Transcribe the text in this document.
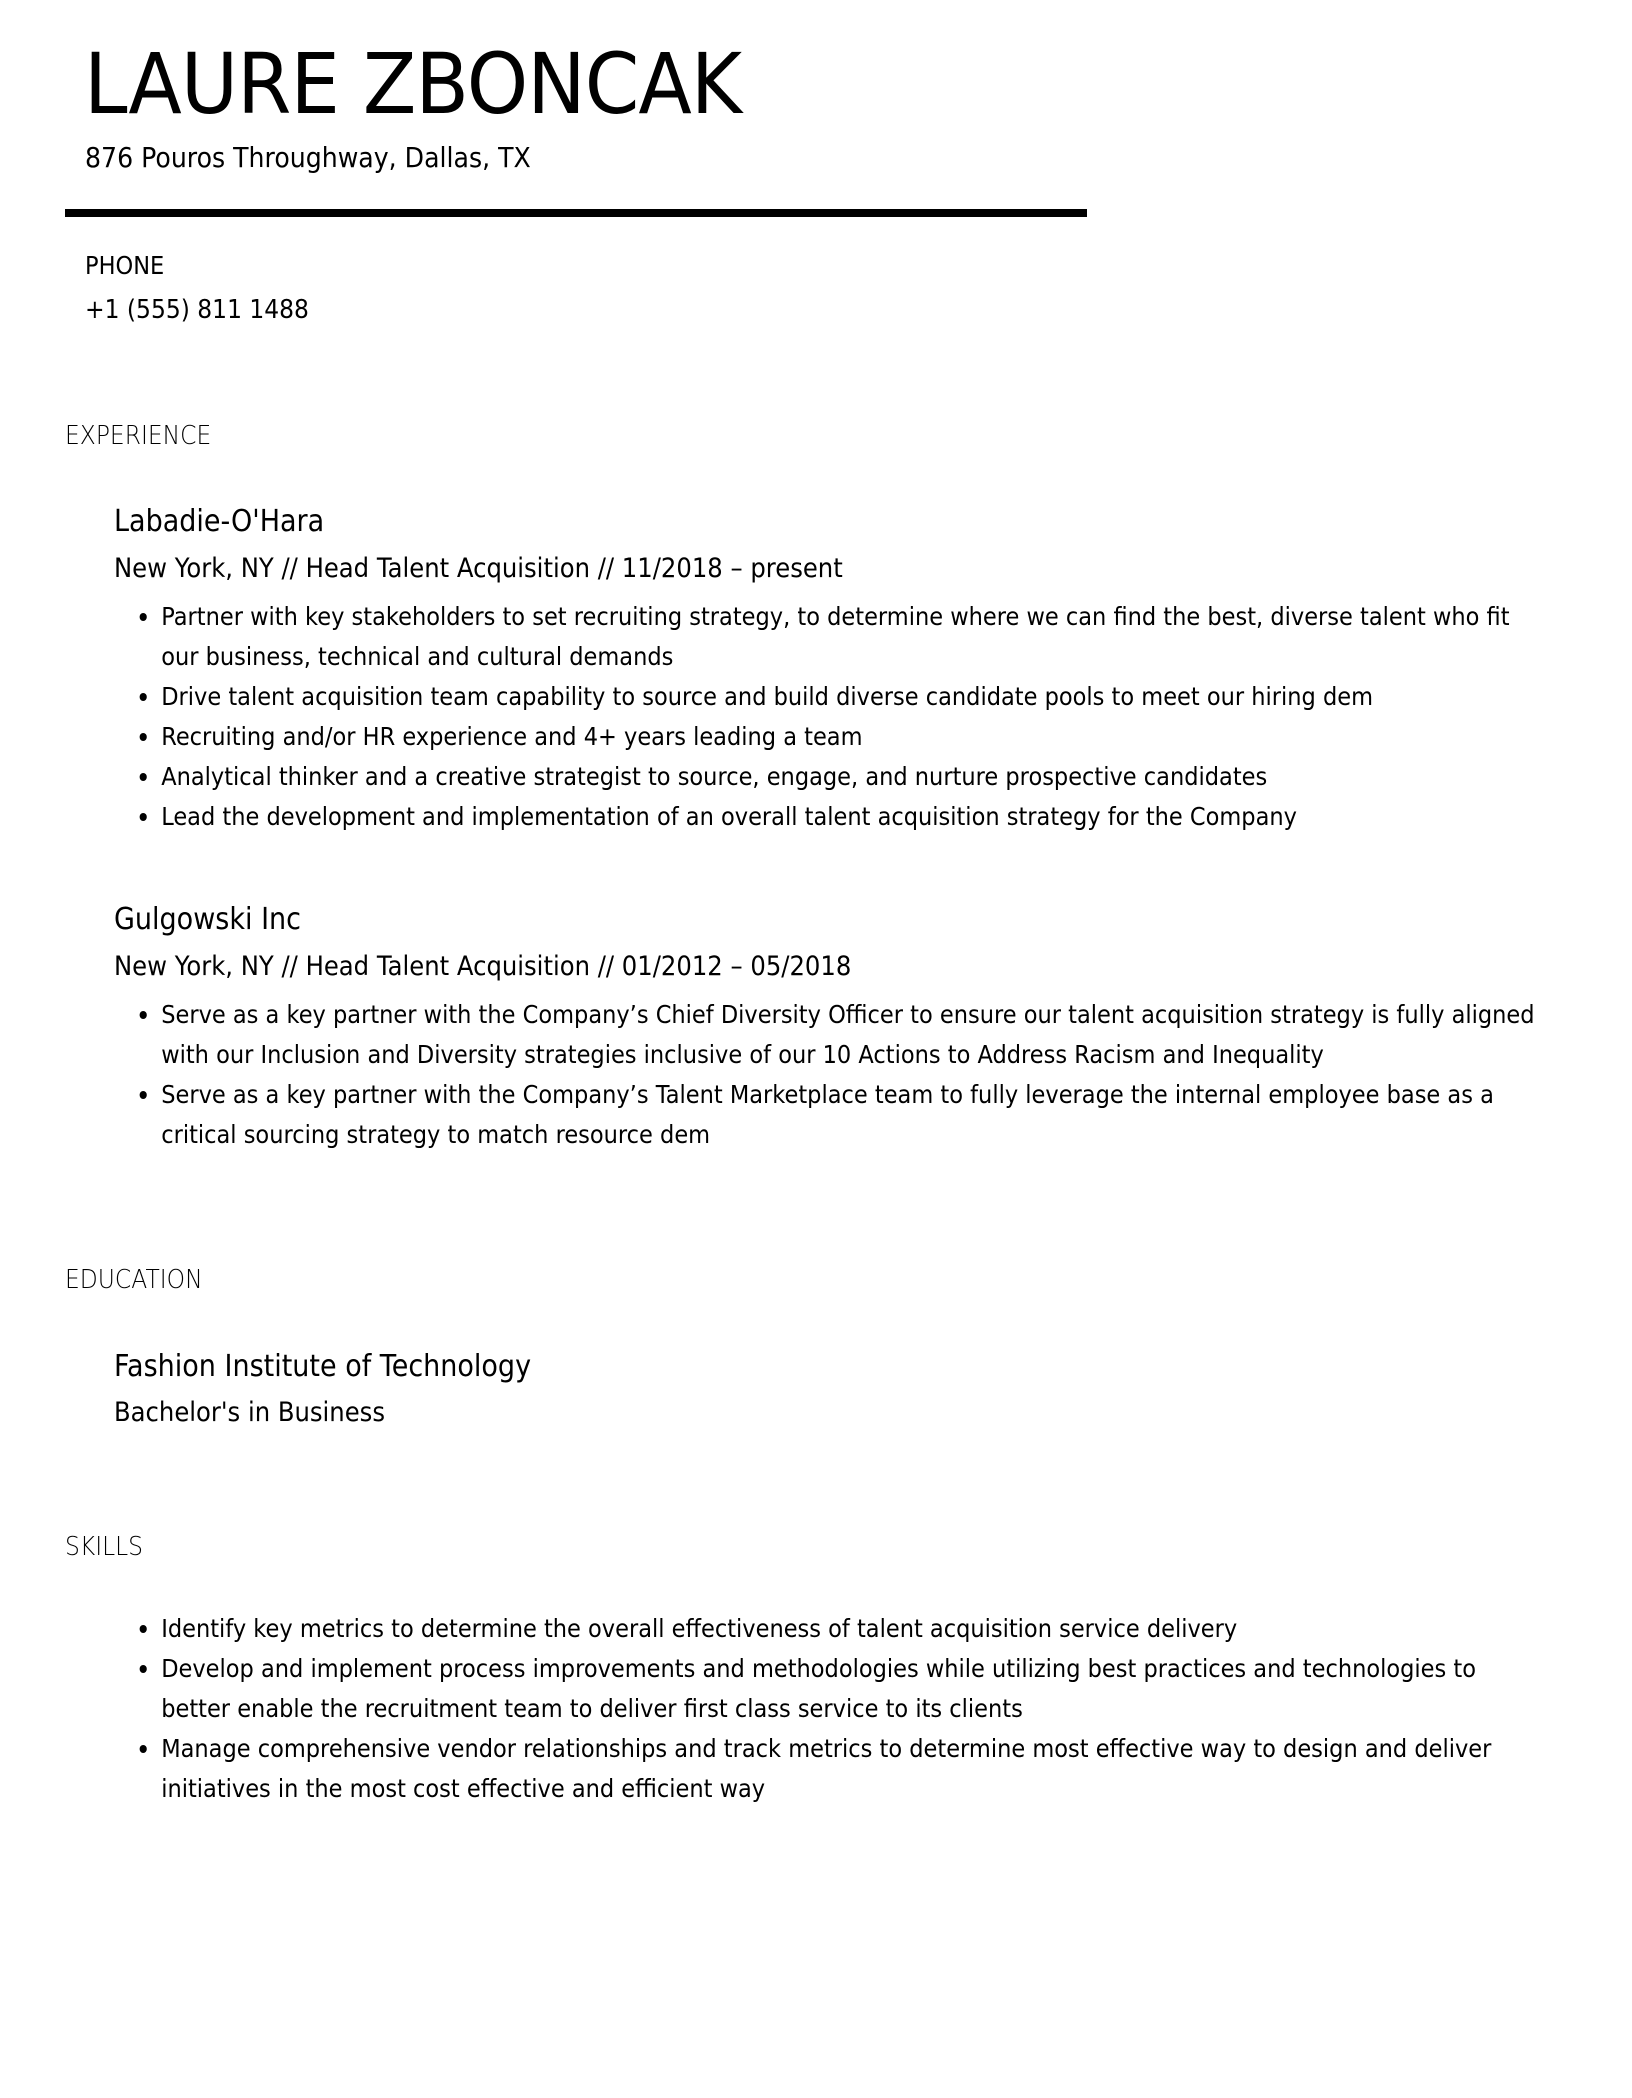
LAURE ZBONCAK
876 Pouros Throughway, Dallas, TX
PHONE
+1 (555) 811 1488
EXPERIENCE
Labadie-O'Hara
New York, NY // Head Talent Acquisition // 11/2018 – present
Partner with key stakeholders to set recruiting strategy, to determine where we can find the best, diverse talent who fit our business, technical and cultural demands
Drive talent acquisition team capability to source and build diverse candidate pools to meet our hiring dem
Recruiting and/or HR experience and 4+ years leading a team
Analytical thinker and a creative strategist to source, engage, and nurture prospective candidates
Lead the development and implementation of an overall talent acquisition strategy for the Company
Gulgowski Inc
New York, NY // Head Talent Acquisition // 01/2012 – 05/2018
Serve as a key partner with the Company’s Chief Diversity Officer to ensure our talent acquisition strategy is fully aligned with our Inclusion and Diversity strategies inclusive of our 10 Actions to Address Racism and Inequality
Serve as a key partner with the Company’s Talent Marketplace team to fully leverage the internal employee base as a critical sourcing strategy to match resource dem
EDUCATION
Fashion Institute of Technology
Bachelor's in Business
SKILLS
Identify key metrics to determine the overall effectiveness of talent acquisition service delivery
Develop and implement process improvements and methodologies while utilizing best practices and technologies to better enable the recruitment team to deliver first class service to its clients
Manage comprehensive vendor relationships and track metrics to determine most effective way to design and deliver initiatives in the most cost effective and efficient way
